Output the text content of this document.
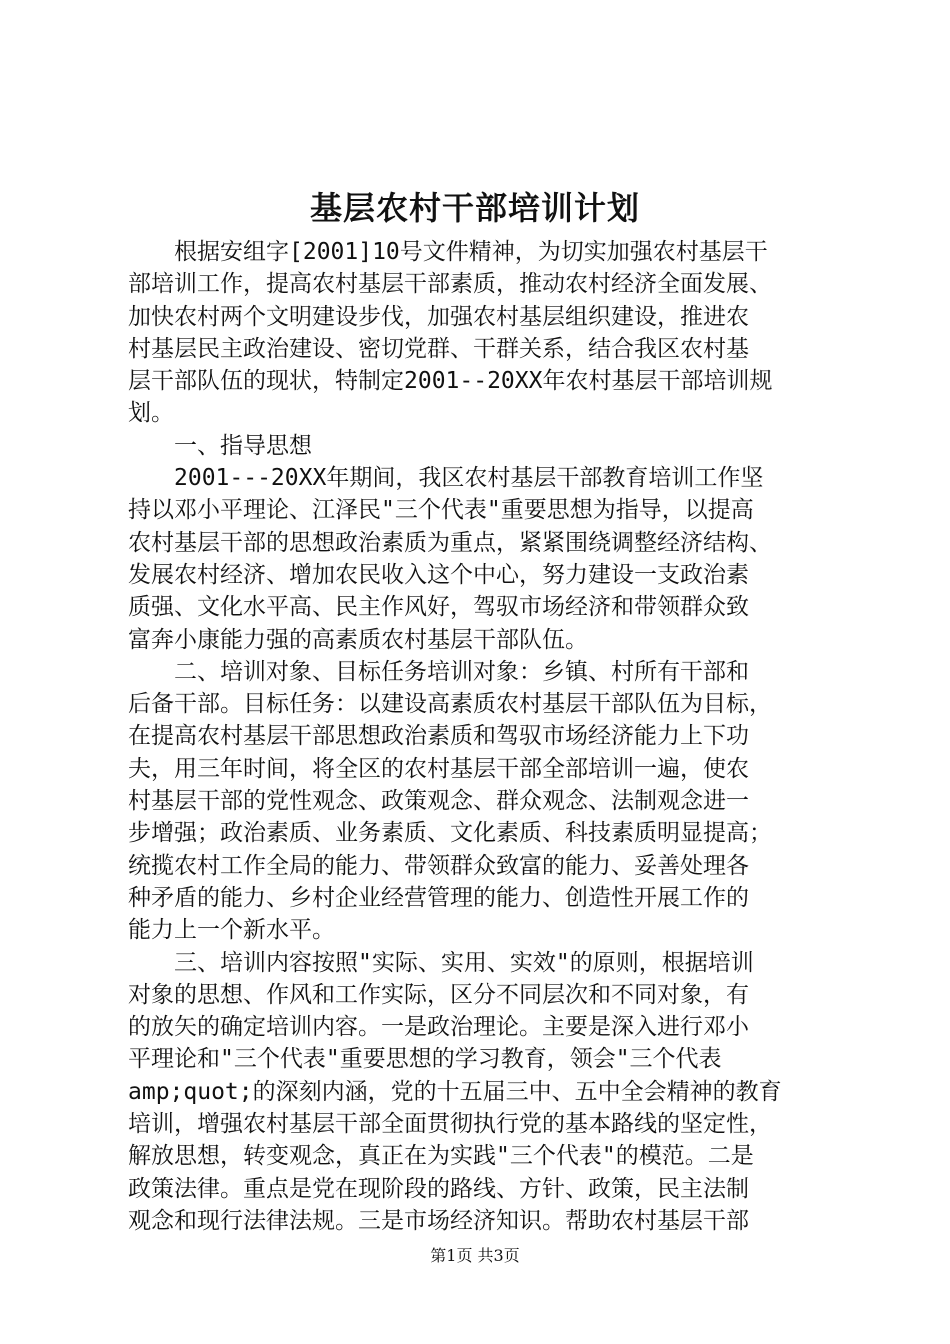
基层农村干部培训计划
　　根据安组字[2001]10号文件精神，为切实加强农村基层干
部培训工作，提高农村基层干部素质，推动农村经济全面发展、
加快农村两个文明建设步伐，加强农村基层组织建设，推进农
村基层民主政治建设、密切党群、干群关系，结合我区农村基
层干部队伍的现状，特制定2001--20XX年农村基层干部培训规
划。
　　一、指导思想
　　2001---20XX年期间，我区农村基层干部教育培训工作坚
持以邓小平理论、江泽民"三个代表"重要思想为指导，以提高
农村基层干部的思想政治素质为重点，紧紧围绕调整经济结构、
发展农村经济、增加农民收入这个中心，努力建设一支政治素
质强、文化水平高、民主作风好，驾驭市场经济和带领群众致
富奔小康能力强的高素质农村基层干部队伍。
　　二、培训对象、目标任务培训对象：乡镇、村所有干部和
后备干部。目标任务：以建设高素质农村基层干部队伍为目标，
在提高农村基层干部思想政治素质和驾驭市场经济能力上下功
夫，用三年时间，将全区的农村基层干部全部培训一遍，使农
村基层干部的党性观念、政策观念、群众观念、法制观念进一
步增强；政治素质、业务素质、文化素质、科技素质明显提高；
统揽农村工作全局的能力、带领群众致富的能力、妥善处理各
种矛盾的能力、乡村企业经营管理的能力、创造性开展工作的
能力上一个新水平。
　　三、培训内容按照"实际、实用、实效"的原则，根据培训
对象的思想、作风和工作实际，区分不同层次和不同对象，有
的放矢的确定培训内容。一是政治理论。主要是深入进行邓小
平理论和"三个代表"重要思想的学习教育，领会"三个代表
amp;quot;的深刻内涵，党的十五届三中、五中全会精神的教育
培训，增强农村基层干部全面贯彻执行党的基本路线的坚定性，
解放思想，转变观念，真正在为实践"三个代表"的模范。二是
政策法律。重点是党在现阶段的路线、方针、政策，民主法制
观念和现行法律法规。三是市场经济知识。帮助农村基层干部
第1页 共3页
